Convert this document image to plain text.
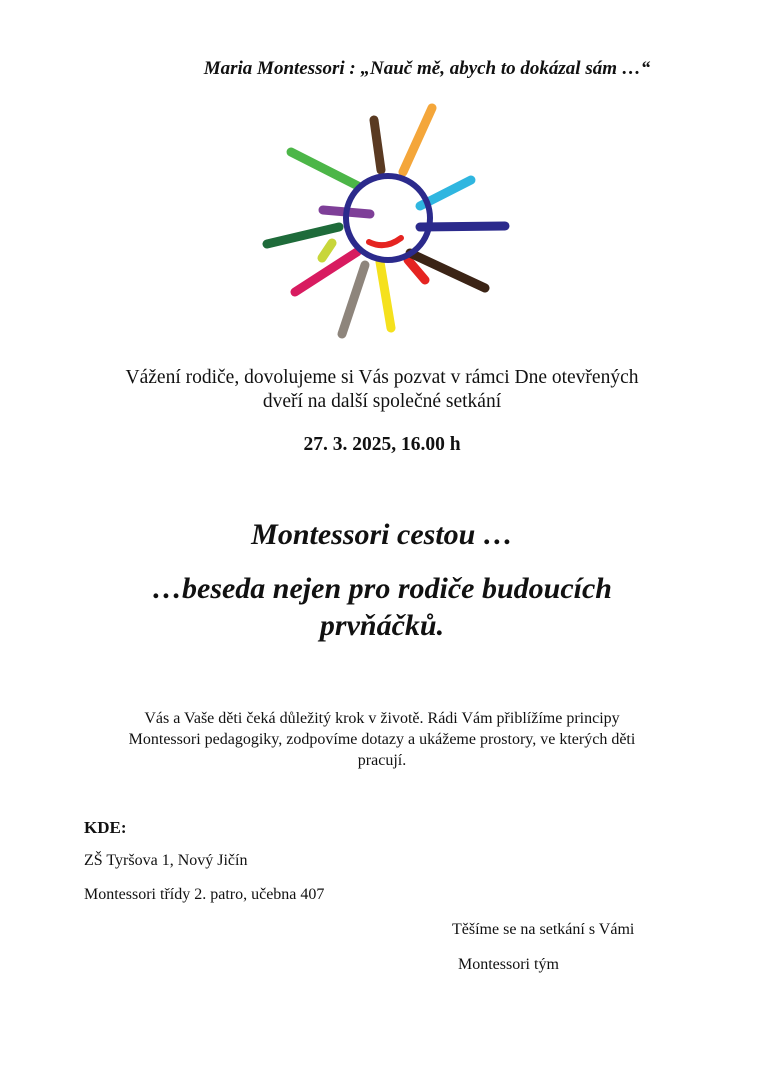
Maria Montessori : „Nauč mě, abych to dokázal sám …“
Vážení rodiče, dovolujeme si Vás pozvat v rámci Dne otevřených
dveří na další společné setkání
27. 3. 2025, 16.00 h
Montessori cestou …
…beseda nejen pro rodiče budoucích
prvňáčků.
Vás a Vaše děti čeká důležitý krok v životě. Rádi Vám přiblížíme principy
Montessori pedagogiky, zodpovíme dotazy a ukážeme prostory, ve kterých děti
pracují.
KDE:
ZŠ Tyršova 1, Nový Jičín
Montessori třídy 2. patro, učebna 407
Těšíme se na setkání s Vámi
Montessori tým
